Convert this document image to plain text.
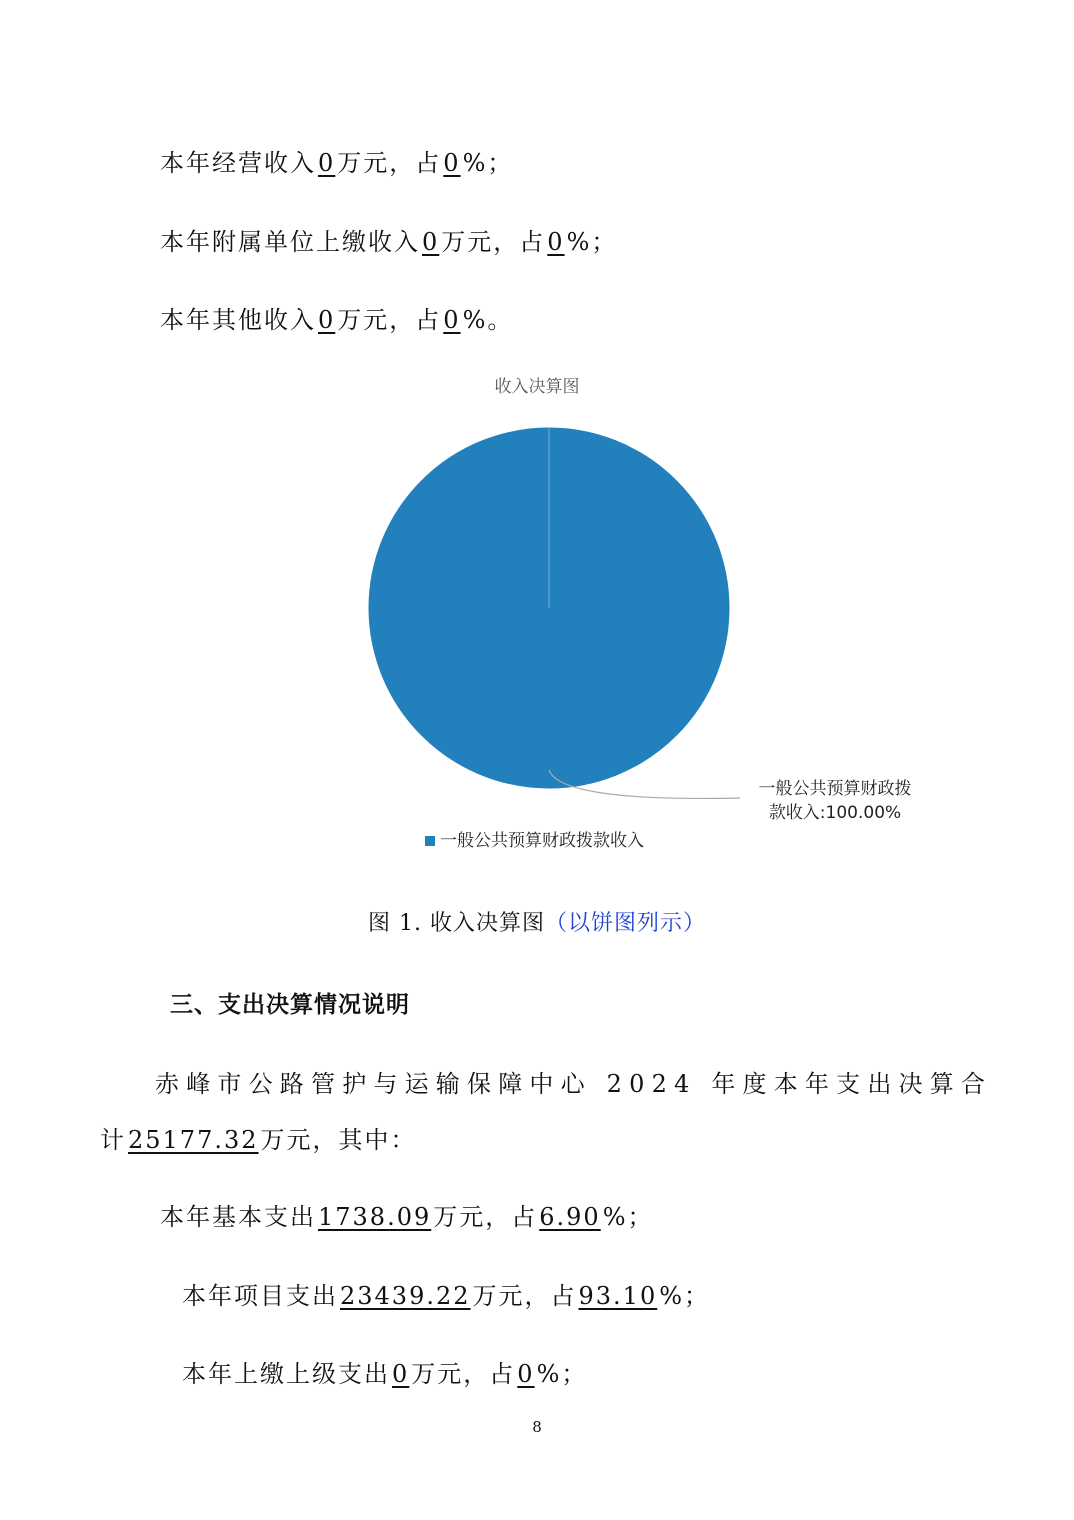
本年经营收入0万元，占0%；
本年附属单位上缴收入0万元，占0%；
本年其他收入0万元，占0%。
收入决算图
一般公共预算财政拨
款收入:100.00%
一般公共预算财政拨款收入
图 1. 收入决算图（以饼图列示）
三、支出决算情况说明
赤峰市公路管护与运输保障中心 2024 年度本年支出决算合
计25177.32万元，其中：
本年基本支出1738.09万元，占6.90%；
本年项目支出23439.22万元，占93.10%；
本年上缴上级支出0万元，占0%；
8
